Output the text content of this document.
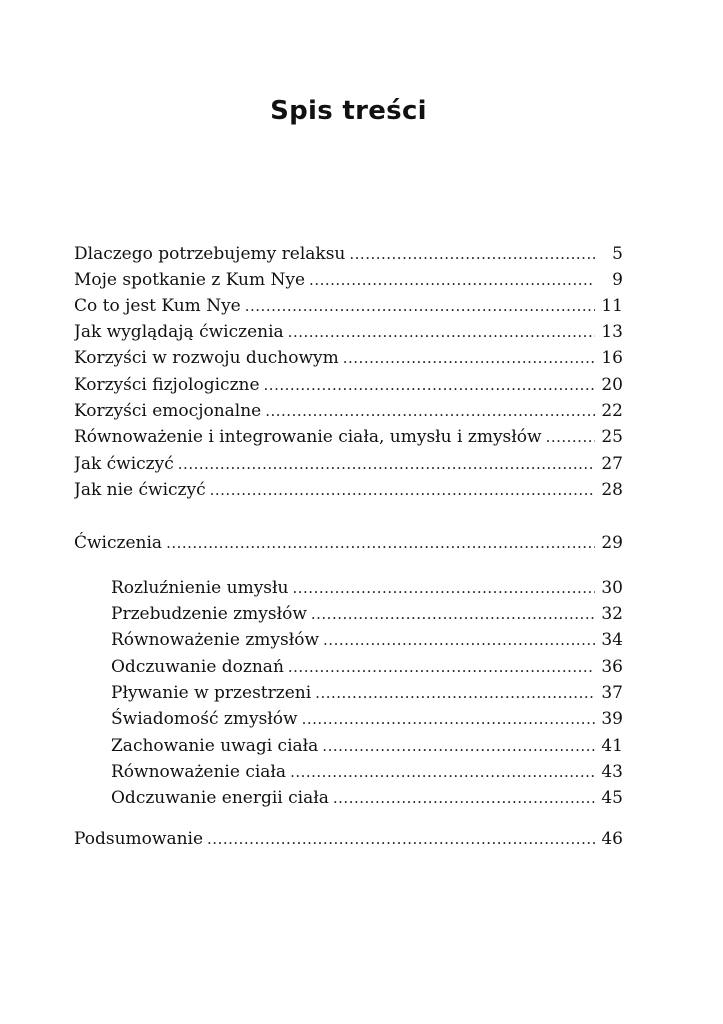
Spis treści
Dlaczego potrzebujemy relaksu .....	5
Moje spotkanie z Kum Nye .....	9
Co to jest Kum Nye .....	11
Jak wyglądają ćwiczenia .....	13
Korzyści w rozwoju duchowym .....	16
Korzyści fizjologiczne .....	20
Korzyści emocjonalne .....	22
Równoważenie i integrowanie ciała, umysłu i zmysłów .....	25
Jak ćwiczyć .....	27
Jak nie ćwiczyć .....	28
Ćwiczenia .....	29
Rozluźnienie umysłu .....	30
Przebudzenie zmysłów .....	32
Równoważenie zmysłów .....	34
Odczuwanie doznań .....	36
Pływanie w przestrzeni .....	37
Świadomość zmysłów .....	39
Zachowanie uwagi ciała .....	41
Równoważenie ciała .....	43
Odczuwanie energii ciała .....	45
Podsumowanie .....	46
